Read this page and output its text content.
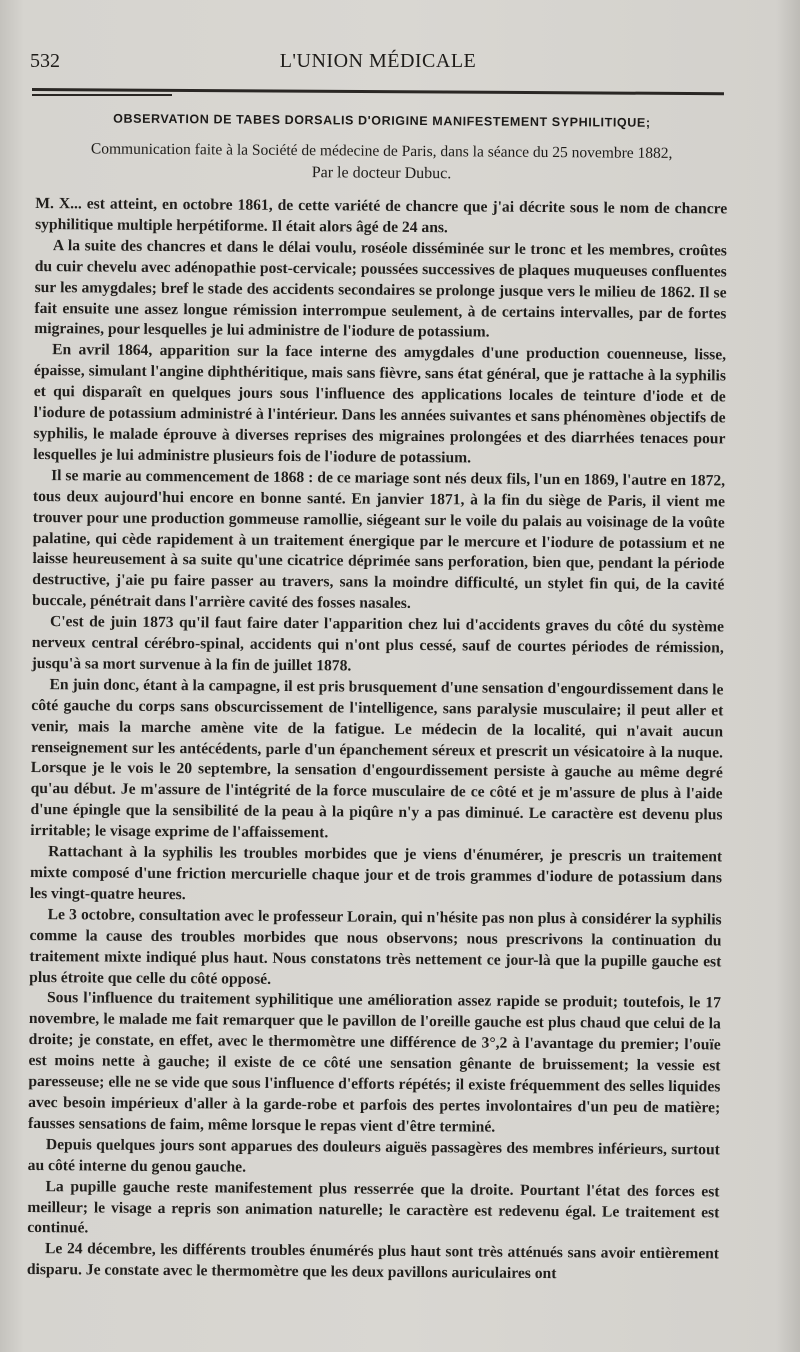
532	L'UNION MÉDICALE

OBSERVATION DE TABES DORSALIS D'ORIGINE MANIFESTEMENT SYPHILITIQUE;

Communication faite à la Société de médecine de Paris, dans la séance du 25 novembre 1882,

Par le docteur Dubuc.

M. X... est atteint, en octobre 1861, de cette variété de chancre que j'ai décrite sous le nom de chancre syphilitique multiple herpétiforme. Il était alors âgé de 24 ans.

A la suite des chancres et dans le délai voulu, roséole disséminée sur le tronc et les membres, croûtes du cuir chevelu avec adénopathie post-cervicale; poussées successives de plaques muqueuses confluentes sur les amygdales; bref le stade des accidents secondaires se prolonge jusque vers le milieu de 1862. Il se fait ensuite une assez longue rémission interrompue seulement, à de certains intervalles, par de fortes migraines, pour lesquelles je lui administre de l'iodure de potassium.

En avril 1864, apparition sur la face interne des amygdales d'une production couenneuse, lisse, épaisse, simulant l'angine diphthéritique, mais sans fièvre, sans état général, que je rattache à la syphilis et qui disparaît en quelques jours sous l'influence des applications locales de teinture d'iode et de l'iodure de potassium administré à l'intérieur. Dans les années suivantes et sans phénomènes objectifs de syphilis, le malade éprouve à diverses reprises des migraines prolongées et des diarrhées tenaces pour lesquelles je lui administre plusieurs fois de l'iodure de potassium.

Il se marie au commencement de 1868 : de ce mariage sont nés deux fils, l'un en 1869, l'autre en 1872, tous deux aujourd'hui encore en bonne santé. En janvier 1871, à la fin du siège de Paris, il vient me trouver pour une production gommeuse ramollie, siégeant sur le voile du palais au voisinage de la voûte palatine, qui cède rapidement à un traitement énergique par le mercure et l'iodure de potassium et ne laisse heureusement à sa suite qu'une cicatrice déprimée sans perforation, bien que, pendant la période destructive, j'aie pu faire passer au travers, sans la moindre difficulté, un stylet fin qui, de la cavité buccale, pénétrait dans l'arrière cavité des fosses nasales.

C'est de juin 1873 qu'il faut faire dater l'apparition chez lui d'accidents graves du côté du système nerveux central cérébro-spinal, accidents qui n'ont plus cessé, sauf de courtes périodes de rémission, jusqu'à sa mort survenue à la fin de juillet 1878.

En juin donc, étant à la campagne, il est pris brusquement d'une sensation d'engourdissement dans le côté gauche du corps sans obscurcissement de l'intelligence, sans paralysie musculaire; il peut aller et venir, mais la marche amène vite de la fatigue. Le médecin de la localité, qui n'avait aucun renseignement sur les antécédents, parle d'un épanchement séreux et prescrit un vésicatoire à la nuque. Lorsque je le vois le 20 septembre, la sensation d'engourdissement persiste à gauche au même degré qu'au début. Je m'assure de l'intégrité de la force musculaire de ce côté et je m'assure de plus à l'aide d'une épingle que la sensibilité de la peau à la piqûre n'y a pas diminué. Le caractère est devenu plus irritable; le visage exprime de l'affaissement.

Rattachant à la syphilis les troubles morbides que je viens d'énumérer, je prescris un traitement mixte composé d'une friction mercurielle chaque jour et de trois grammes d'iodure de potassium dans les vingt-quatre heures.

Le 3 octobre, consultation avec le professeur Lorain, qui n'hésite pas non plus à considérer la syphilis comme la cause des troubles morbides que nous observons; nous prescrivons la continuation du traitement mixte indiqué plus haut. Nous constatons très nettement ce jour-là que la pupille gauche est plus étroite que celle du côté opposé.

Sous l'influence du traitement syphilitique une amélioration assez rapide se produit; toutefois, le 17 novembre, le malade me fait remarquer que le pavillon de l'oreille gauche est plus chaud que celui de la droite; je constate, en effet, avec le thermomètre une différence de 3°,2 à l'avantage du premier; l'ouïe est moins nette à gauche; il existe de ce côté une sensation gênante de bruissement; la vessie est paresseuse; elle ne se vide que sous l'influence d'efforts répétés; il existe fréquemment des selles liquides avec besoin impérieux d'aller à la garde-robe et parfois des pertes involontaires d'un peu de matière; fausses sensations de faim, même lorsque le repas vient d'être terminé.

Depuis quelques jours sont apparues des douleurs aiguës passagères des membres inférieurs, surtout au côté interne du genou gauche.

La pupille gauche reste manifestement plus resserrée que la droite. Pourtant l'état des forces est meilleur; le visage a repris son animation naturelle; le caractère est redevenu égal. Le traitement est continué.

Le 24 décembre, les différents troubles énumérés plus haut sont très atténués sans avoir entièrement disparu. Je constate avec le thermomètre que les deux pavillons auriculaires ont
